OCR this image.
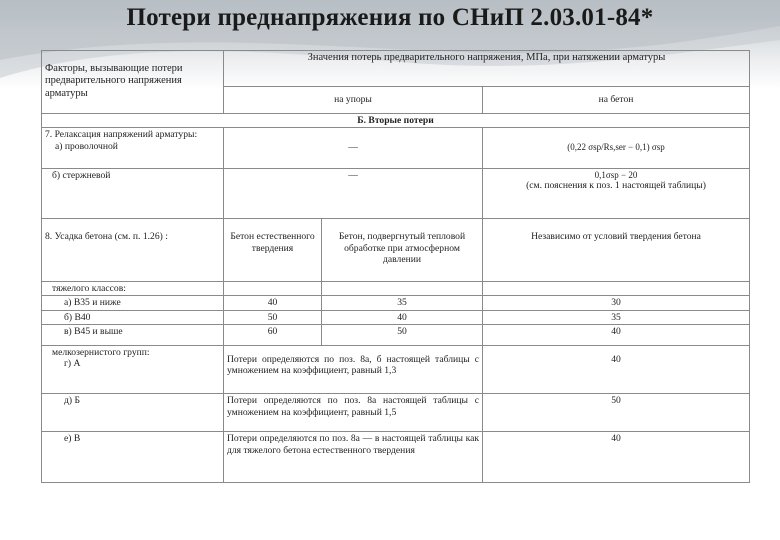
Потери преднапряжения по СНиП 2.03.01-84*
Факторы, вызывающие потери предварительного напряжения арматуры	Значения потерь предварительного напряжения, МПа, при натяжении арматуры		
	на упоры		на бетон
Б. Вторые потери			

7. Релаксация напряжений арматуры:
а) проволочной	—		(0,22 σsp/Rs,ser − 0,1) σsp
б) стержневой	—		0,1σsp − 20
(см. пояснения к поз. 1 настоящей таблицы)

8. Усадка бетона (см. п. 1.26) :	Бетон естественного твердения	Бетон, подвергнутый тепловой обработке при атмосферном давлении	Независимо от условий твердения бетона
тяжелого классов:			
а) В35 и ниже	40	35	30
б) В40	50	40	35
в) В45 и выше	60	50	40

мелкозернистого групп:
г) А	Потери определяются по поз. 8а, б настоящей таблицы с умножением на коэффициент, равный 1,3		40
д) Б	Потери определяются по поз. 8а настоящей таблицы с умножением на коэффициент, равный 1,5		50
е) В	Потери определяются по поз. 8а — в настоящей таблицы как для тяжелого бетона естественного твердения		40
